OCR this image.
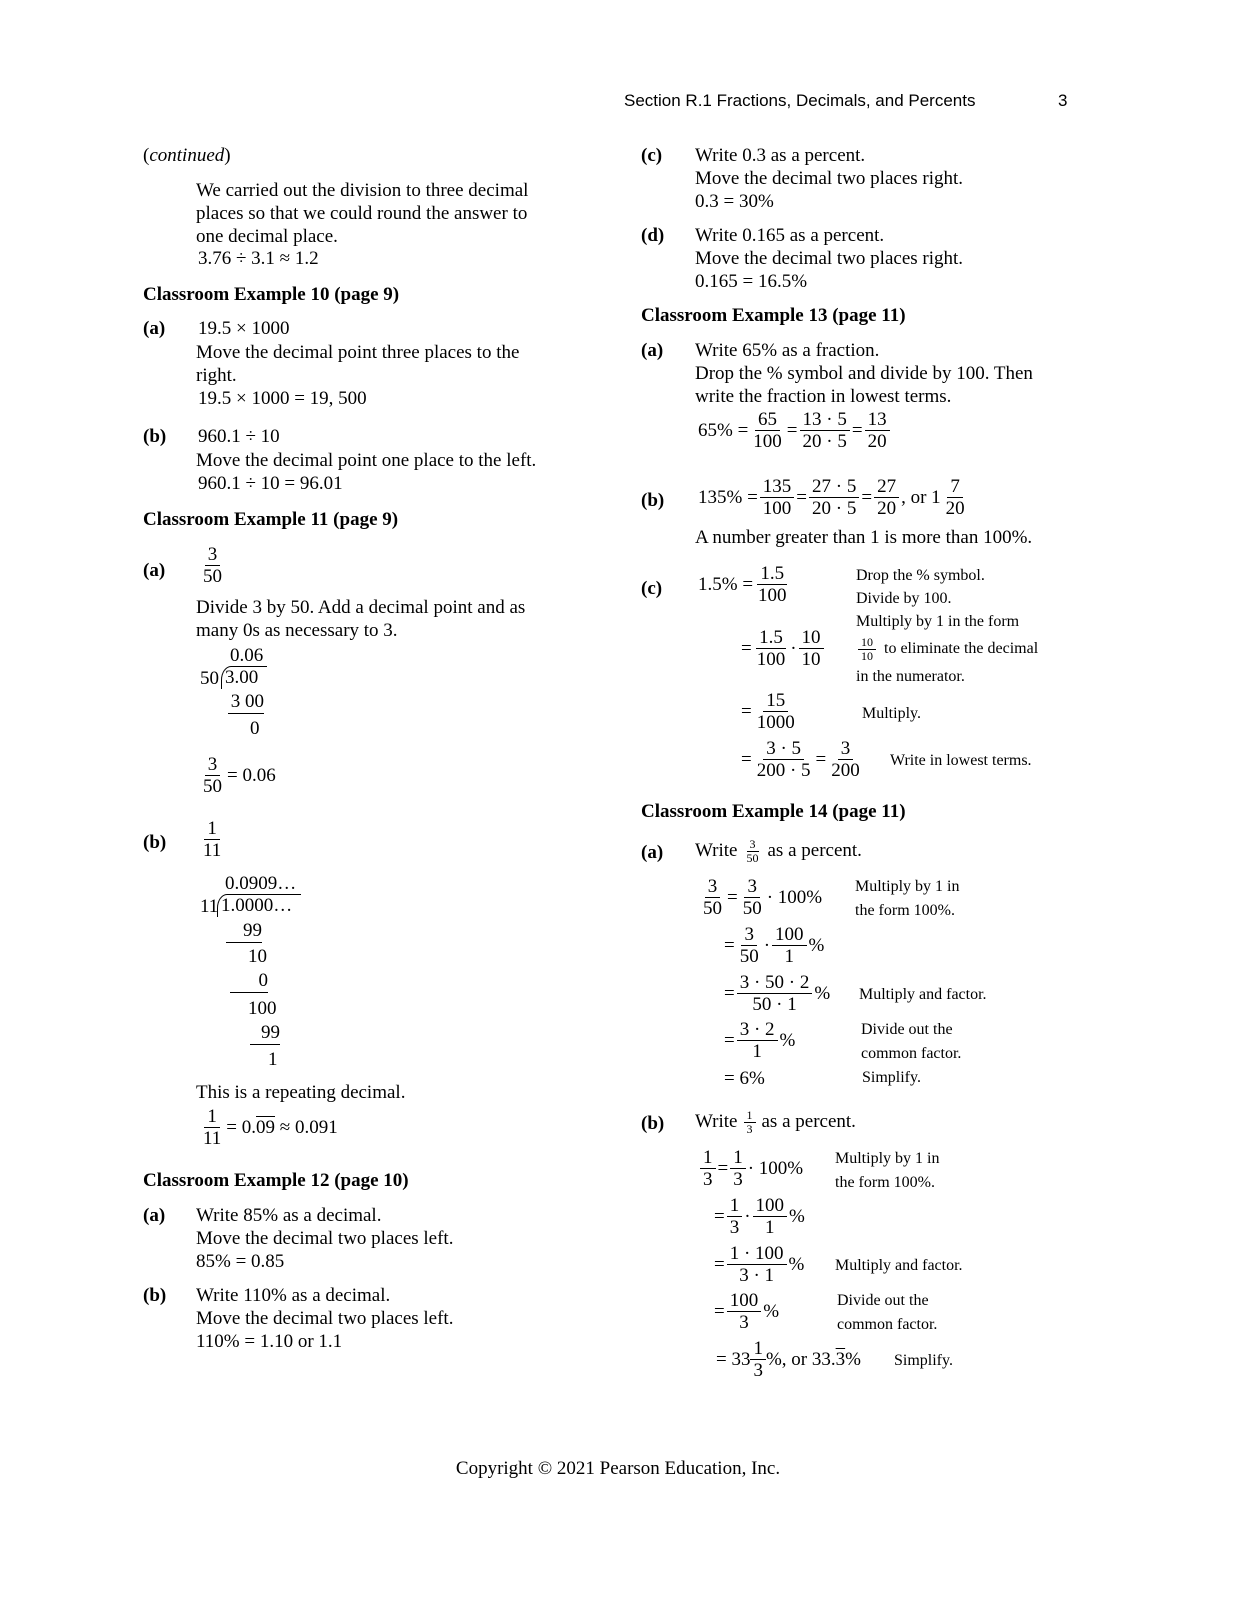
Section R.1 Fractions, Decimals, and Percents	3
(continued)
We carried out the division to three decimal
places so that we could round the answer to
one decimal place.
3.76 ÷ 3.1 ≈ 1.2
Classroom Example 10 (page 9)
(a) 19.5 × 1000
Move the decimal point three places to the
right.
19.5 × 1000 = 19, 500
(b) 960.1 ÷ 10
Move the decimal point one place to the left.
960.1 ÷ 10 = 96.01
Classroom Example 11 (page 9)
$(a) \frac{3}{50}$
Divide 3 by 50. Add a decimal point and as
many 0s as necessary to 3.
0.06
50 3.00
3 00
0
$\frac{3}{50} = 0.06$
$(b) \frac{1}{11}$
0.0909…
11 1.0000…
99
10
0
100
99
1
This is a repeating decimal.
$\frac{1}{11} = 0$. 09 ≈ 0.091
Classroom Example 12 (page 10)
(a) Write 85% as a decimal.
Move the decimal two places left.
85% = 0.85
(b) Write 110% as a decimal.
Move the decimal two places left.
110% = 1.10 or 1.1
(c) Write 0.3 as a percent.
Move the decimal two places right.
0.3 = 30%
(d) Write 0.165 as a percent.
Move the decimal two places right.
0.165 = 16.5%
Classroom Example 13 (page 11)
(a) Write 65% as a fraction.
Drop the % symbol and divide by 100. Then
write the fraction in lowest terms.
$65\% = \frac{65}{100} = \frac{13 \cdot 5}{20 \cdot 5} = \frac{13}{20}$
(b) $135\% = \frac{135}{100} = \frac{27 \cdot 5}{20 \cdot 5} = \frac{27}{20}$ , or $1 \frac{7}{20}$
A number greater than 1 is more than 100%.
(c) $1.5\% = \frac{1.5}{100}$
= $\frac{1.5}{100} \cdot \frac{10}{10}$
= $\frac{15}{1000}$
= $\frac{3 \cdot 5}{200 \cdot 5} = \frac{3}{200}$
Drop the % symbol.
Divide by 100.
Multiply by 1 in the form
$\frac{10}{10}$ to eliminate the decimal
in the numerator.
Multiply.
Write in lowest terms.
Classroom Example 14 (page 11)
(a) Write $\frac{3}{50}$ as a percent.
$\frac{3}{50} = \frac{3}{50} \cdot 100\%$
= $\frac{3}{50} \cdot \frac{100}{1}$ %
= $\frac{3 \cdot 50 \cdot 2}{50 \cdot 1}$ %
= $\frac{3 \cdot 2}{1}$ %
= 6%
Multiply by 1 in
the form 100%.
Multiply and factor.
Divide out the
common factor.
Simplify.
(b) Write $\frac{1}{3}$ as a percent.
$\frac{1}{3} = \frac{1}{3} \cdot 100\%$
= $\frac{1}{3} \cdot \frac{100}{1}$ %
= $\frac{1 \cdot 100}{3 \cdot 1}$ %
= $\frac{100}{3}$ %
= $33 \frac{1}{3}$ %, or 33. 3 %
Multiply by 1 in
the form 100%.
Multiply and factor.
Divide out the
common factor.
Simplify.
Copyright © 2021 Pearson Education, Inc.
